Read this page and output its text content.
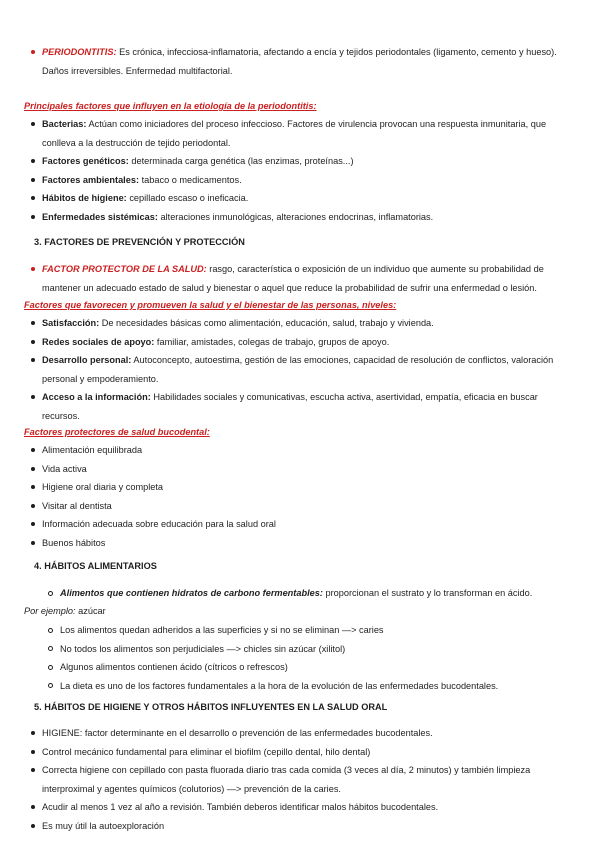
PERIODONTITIS: Es crónica, infecciosa-inflamatoria, afectando a encía y tejidos periodontales (ligamento, cemento y hueso). Daños irreversibles. Enfermedad multifactorial.
Principales factores que influyen en la etiología de la periodontitis:
Bacterias: Actúan como iniciadores del proceso infeccioso. Factores de virulencia provocan una respuesta inmunitaria, que conlleva a la destrucción de tejido periodontal.
Factores genéticos: determinada carga genética (las enzimas, proteínas...)
Factores ambientales: tabaco o medicamentos.
Hábitos de higiene: cepillado escaso o ineficacia.
Enfermedades sistémicas: alteraciones inmunológicas, alteraciones endocrinas, inflamatorias.
3. FACTORES DE PREVENCIÓN Y PROTECCIÓN
FACTOR PROTECTOR DE LA SALUD: rasgo, característica o exposición de un individuo que aumente su probabilidad de mantener un adecuado estado de salud y bienestar o aquel que reduce la probabilidad de sufrir una enfermedad o lesión.
Factores que favorecen y promueven la salud y el bienestar de las personas, niveles:
Satisfacción: De necesidades básicas como alimentación, educación, salud, trabajo y vivienda.
Redes sociales de apoyo: familiar, amistades, colegas de trabajo, grupos de apoyo.
Desarrollo personal: Autoconcepto, autoestima, gestión de las emociones, capacidad de resolución de conflictos, valoración personal y empoderamiento.
Acceso a la información: Habilidades sociales y comunicativas, escucha activa, asertividad, empatía, eficacia en buscar recursos.
Factores protectores de salud bucodental:
Alimentación equilibrada
Vida activa
Higiene oral diaria y completa
Visitar al dentista
Información adecuada sobre educación para la salud oral
Buenos hábitos
4. HÁBITOS ALIMENTARIOS
Alimentos que contienen hidratos de carbono fermentables: proporcionan el sustrato y lo transforman en ácido.
Por ejemplo: azúcar
Los alimentos quedan adheridos a las superficies y si no se eliminan —> caries
No todos los alimentos son perjudiciales —> chicles sin azúcar (xilitol)
Algunos alimentos contienen ácido (cítricos o refrescos)
La dieta es uno de los factores fundamentales a la hora de la evolución de las enfermedades bucodentales.
5. HÁBITOS DE HIGIENE Y OTROS HÁBITOS INFLUYENTES EN LA SALUD ORAL
HIGIENE: factor determinante en el desarrollo o prevención de las enfermedades bucodentales.
Control mecánico fundamental para eliminar el biofilm (cepillo dental, hilo dental)
Correcta higiene con cepillado con pasta fluorada diario tras cada comida (3 veces al día, 2 minutos) y también limpieza interproximal y agentes químicos (colutorios) —> prevención de la caries.
Acudir al menos 1 vez al año a revisión. También deberos identificar malos hábitos bucodentales.
Es muy útil la autoexploración
